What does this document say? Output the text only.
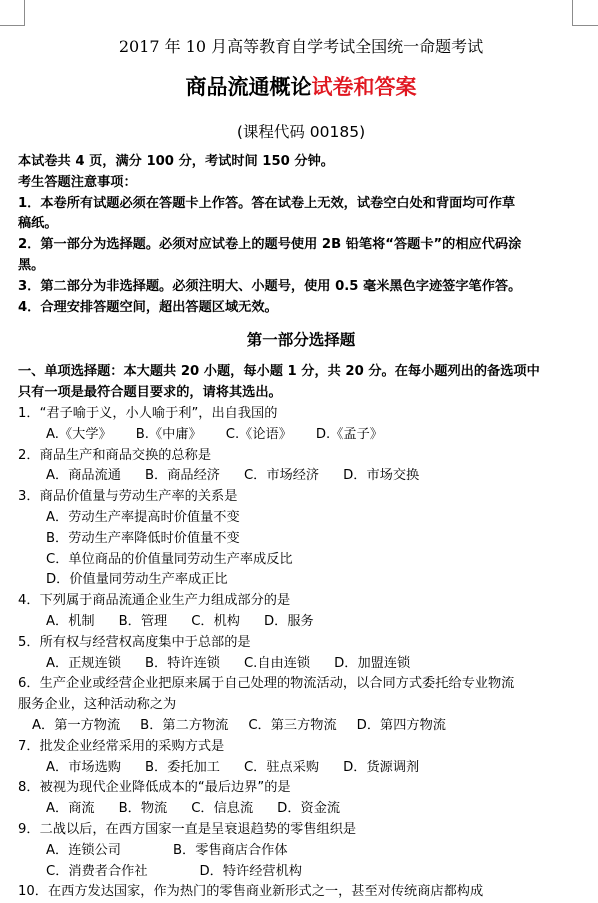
2017 年 10 月高等教育自学考试全国统一命题考试
商品流通概论试卷和答案
(课程代码 00185)
本试卷共 4 页，满分 100 分，考试时间 150 分钟。
考生答题注意事项：
1．本卷所有试题必须在答题卡上作答。答在试卷上无效，试卷空白处和背面均可作草
稿纸。
2．第一部分为选择题。必须对应试卷上的题号使用 2B 铅笔将“答题卡”的相应代码涂
黑。
3．第二部分为非选择题。必须注明大、小题号，使用 0.5 毫米黑色字迹签字笔作答。
4．合理安排答题空间，超出答题区域无效。
第一部分选择题
一、单项选择题：本大题共 20 小题，每小题 1 分，共 20 分。在每小题列出的备选项中
只有一项是最符合题目要求的，请将其选出。
1．“君子喻于义，小人喻于利”，出自我国的
A.《大学》 B.《中庸》 C.《论语》 D.《孟子》
2．商品生产和商品交换的总称是
A．商品流通 B．商品经济 C．市场经济 D．市场交换
3．商品价值量与劳动生产率的关系是
A．劳动生产率提高时价值量不变
B．劳动生产率降低时价值量不变
C．单位商品的价值量同劳动生产率成反比
D．价值量同劳动生产率成正比
4．下列属于商品流通企业生产力组成部分的是
A．机制 B．管理 C．机构 D．服务
5．所有权与经营权高度集中于总部的是
A．正规连锁 B．特许连锁 C.自由连锁 D．加盟连锁
6．生产企业或经营企业把原来属于自己处理的物流活动，以合同方式委托给专业物流
服务企业，这种活动称之为
A．第一方物流 B．第二方物流 C．第三方物流 D．第四方物流
7．批发企业经常采用的采购方式是
A．市场选购 B．委托加工 C．驻点采购 D．货源调剂
8．被视为现代企业降低成本的“最后边界”的是
A．商流 B．物流 C．信息流 D．资金流
9．二战以后，在西方国家一直是呈衰退趋势的零售组织是
A．连锁公司	B．零售商店合作体
C．消费者合作社	D．特许经营机构
10．在西方发达国家，作为热门的零售商业新形式之一，甚至对传统商店都构成
